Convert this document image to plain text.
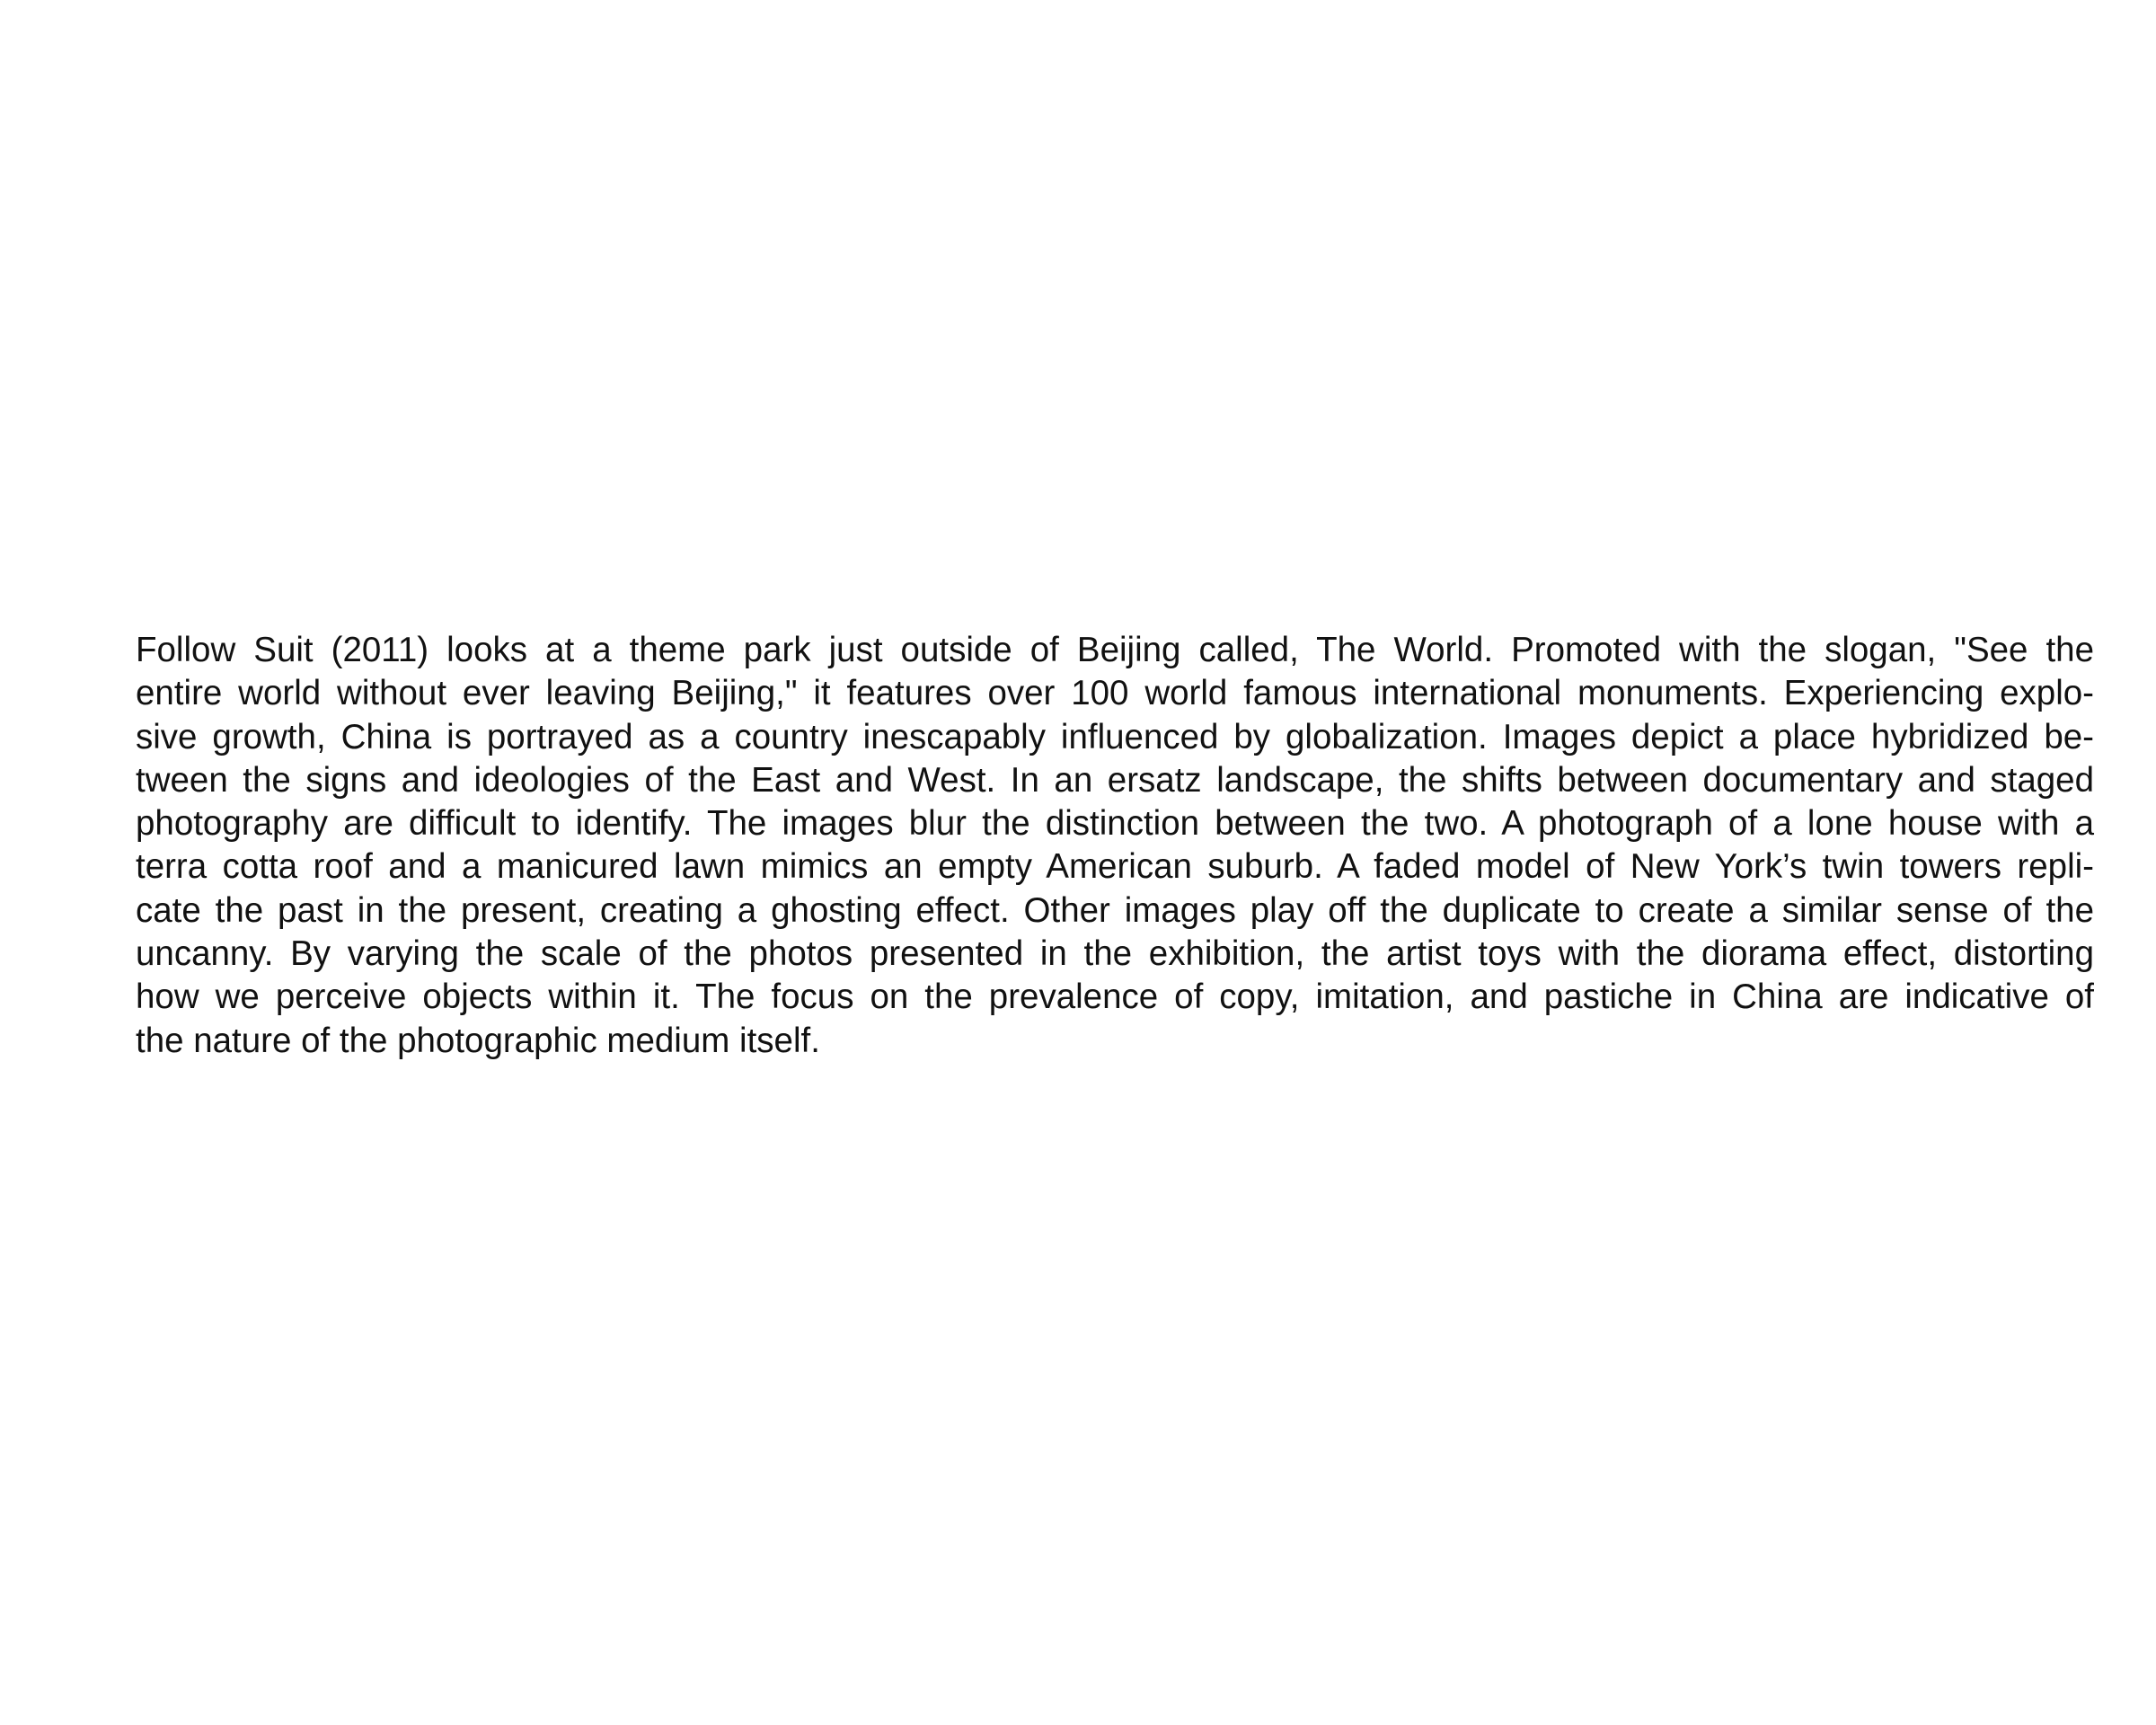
Follow Suit (2011) looks at a theme park just outside of Beijing called, The World. Promoted with the slogan, "See the
entire world without ever leaving Beijing," it features over 100 world famous international monuments. Experiencing explo-
sive growth, China is portrayed as a country inescapably influenced by globalization. Images depict a place hybridized be-
tween the signs and ideologies of the East and West. In an ersatz landscape, the shifts between documentary and staged
photography are difficult to identify. The images blur the distinction between the two. A photograph of a lone house with a
terra cotta roof and a manicured lawn mimics an empty American suburb. A faded model of New York’s twin towers repli-
cate the past in the present, creating a ghosting effect. Other images play off the duplicate to create a similar sense of the
uncanny. By varying the scale of the photos presented in the exhibition, the artist toys with the diorama effect, distorting
how we perceive objects within it. The focus on the prevalence of copy, imitation, and pastiche in China are indicative of
the nature of the photographic medium itself.
